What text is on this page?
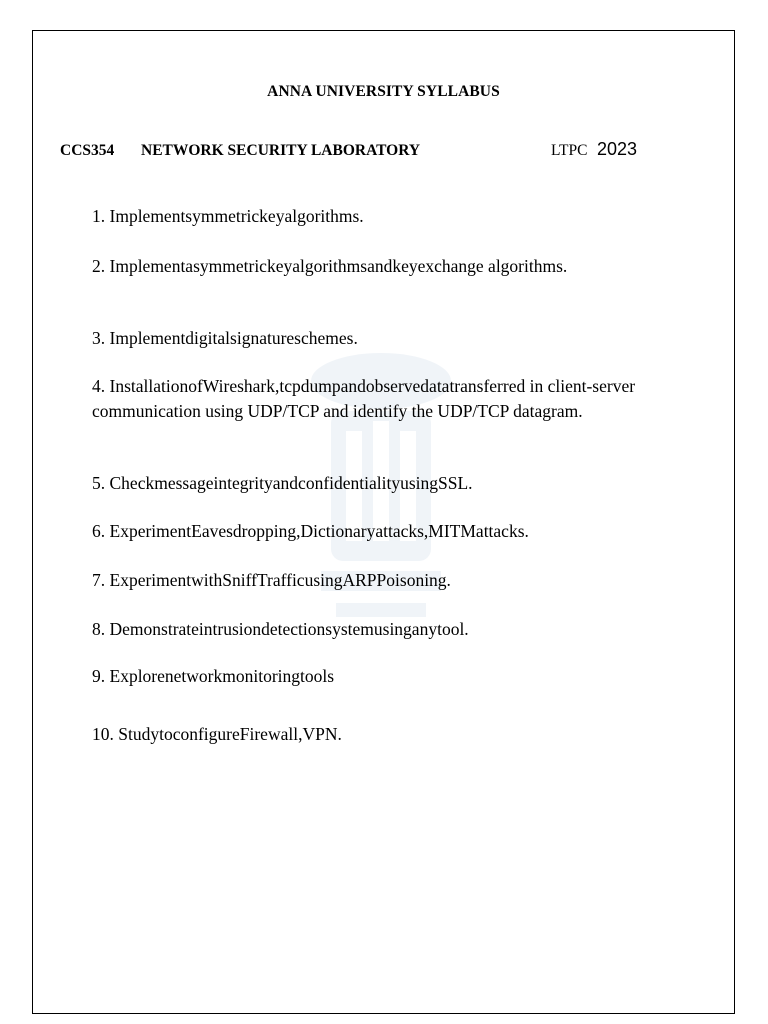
ANNA UNIVERSITY SYLLABUS
CCS354 NETWORK SECURITY LABORATORY	LTPC 2023
1. Implementsymmetrickeyalgorithms.
2. Implementasymmetrickeyalgorithmsandkeyexchange algorithms.
3. Implementdigitalsignatureschemes.
4. InstallationofWireshark,tcpdumpandobservedatatransferred in client-server communication using UDP/TCP and identify the UDP/TCP datagram.
5. CheckmessageintegrityandconfidentialityusingSSL.
6. ExperimentEavesdropping,Dictionaryattacks,MITMattacks.
7. ExperimentwithSniffTrafficusingARPPoisoning.
8. Demonstrateintrusiondetectionsystemusinganytool.
9. Explorenetworkmonitoringtools
10. StudytoconfigureFirewall,VPN.
